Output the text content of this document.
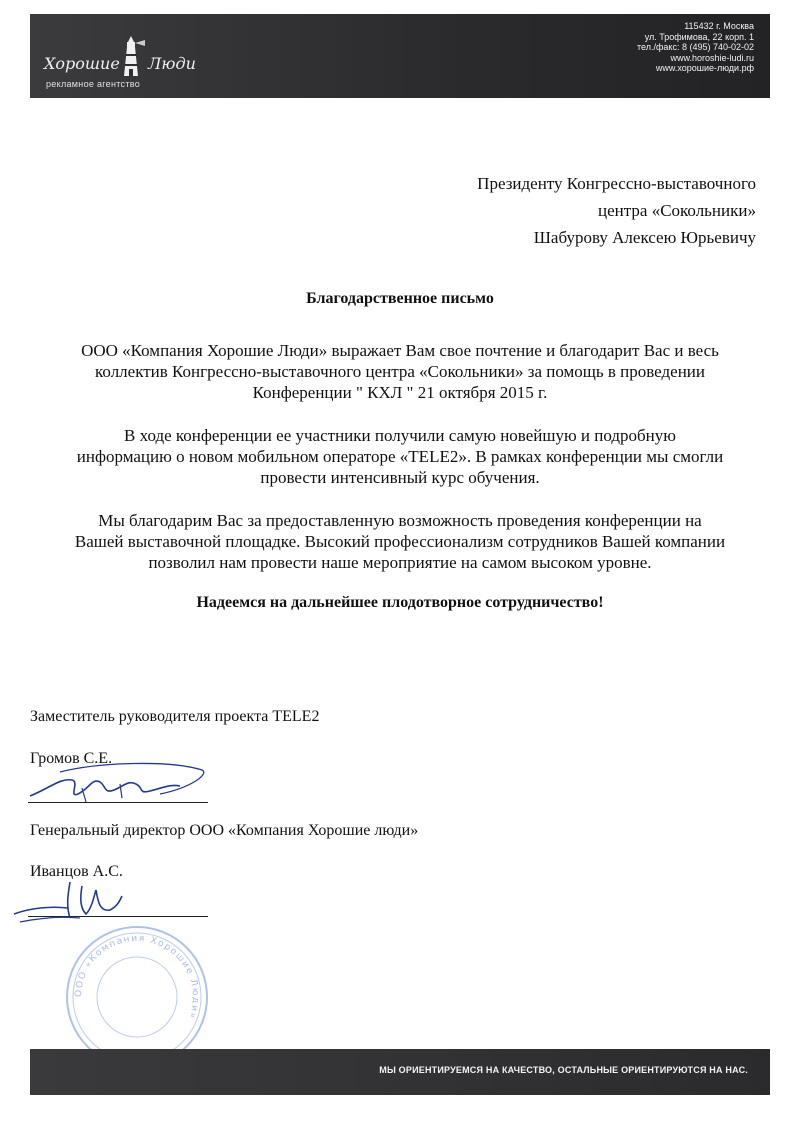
Хорошие Люди
рекламное агентство
115432 г. Москва
ул. Трофимова, 22 корп. 1
тел./факс: 8 (495) 740-02-02
www.horoshie-ludi.ru
www.хорошие-люди.рф
Президенту Конгрессно-выставочного
центра «Сокольники»
Шабурову Алексею Юрьевичу
Благодарственное письмо
ООО «Компания Хорошие Люди» выражает Вам свое почтение и благодарит Вас и весь
коллектив Конгрессно-выставочного центра «Сокольники» за помощь в проведении
Конференции " КХЛ " 21 октября 2015 г.
В ходе конференции ее участники получили самую новейшую и подробную
информацию о новом мобильном операторе «TELE2». В рамках конференции мы смогли
провести интенсивный курс обучения.
Мы благодарим Вас за предоставленную возможность проведения конференции на
Вашей выставочной площадке. Высокий профессионализм сотрудников Вашей компании
позволил нам провести наше мероприятие на самом высоком уровне.
Надеемся на дальнейшее плодотворное сотрудничество!
Заместитель руководителя проекта TELE2
Громов С.Е.
Генеральный директор ООО «Компания Хорошие люди»
Иванцов А.С.
ООО «Компания Хорошие Люди»
МЫ ОРИЕНТИРУЕМСЯ НА КАЧЕСТВО, ОСТАЛЬНЫЕ ОРИЕНТИРУЮТСЯ НА НАС.
